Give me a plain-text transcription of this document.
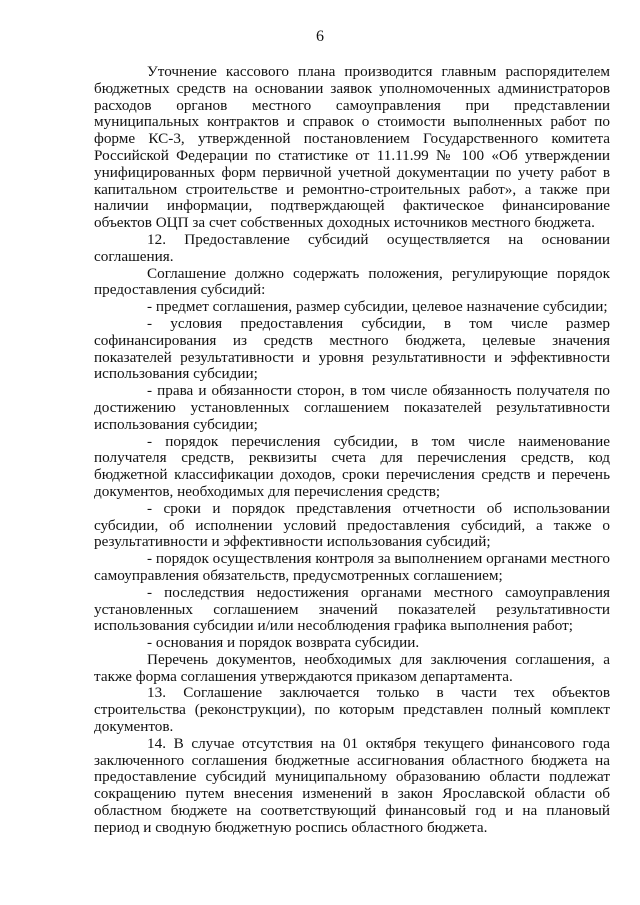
6

Уточнение кассового плана производится главным распорядителем бюджетных средств на основании заявок уполномоченных администраторов расходов органов местного самоуправления при представлении муниципальных контрактов и справок о стоимости выполненных работ по форме КС-3, утвержденной постановлением Государственного комитета Российской Федерации по статистике от 11.11.99 № 100 «Об утверждении унифицированных форм первичной учетной документации по учету работ в капитальном строительстве и ремонтно-строительных работ», а также при наличии информации, подтверждающей фактическое финансирование объектов ОЦП за счет собственных доходных источников местного бюджета.

12. Предоставление субсидий осуществляется на основании соглашения.

Соглашение должно содержать положения, регулирующие порядок предоставления субсидий:

- предмет соглашения, размер субсидии, целевое назначение субсидии;

- условия предоставления субсидии, в том числе размер софинансирования из средств местного бюджета, целевые значения показателей результативности и уровня результативности и эффективности использования субсидии;

- права и обязанности сторон, в том числе обязанность получателя по достижению установленных соглашением показателей результативности использования субсидии;

- порядок перечисления субсидии, в том числе наименование получателя средств, реквизиты счета для перечисления средств, код бюджетной классификации доходов, сроки перечисления средств и перечень документов, необходимых для перечисления средств;

- сроки и порядок представления отчетности об использовании субсидии, об исполнении условий предоставления субсидий, а также о результативности и эффективности использования субсидий;

- порядок осуществления контроля за выполнением органами местного самоуправления обязательств, предусмотренных соглашением;

- последствия недостижения органами местного самоуправления установленных соглашением значений показателей результативности использования субсидии и/или несоблюдения графика выполнения работ;

- основания и порядок возврата субсидии.

Перечень документов, необходимых для заключения соглашения, а также форма соглашения утверждаются приказом департамента.

13. Соглашение заключается только в части тех объектов строительства (реконструкции), по которым представлен полный комплект документов.

14. В случае отсутствия на 01 октября текущего финансового года заключенного соглашения бюджетные ассигнования областного бюджета на предоставление субсидий муниципальному образованию области подлежат сокращению путем внесения изменений в закон Ярославской области об областном бюджете на соответствующий финансовый год и на плановый период и сводную бюджетную роспись областного бюджета.
